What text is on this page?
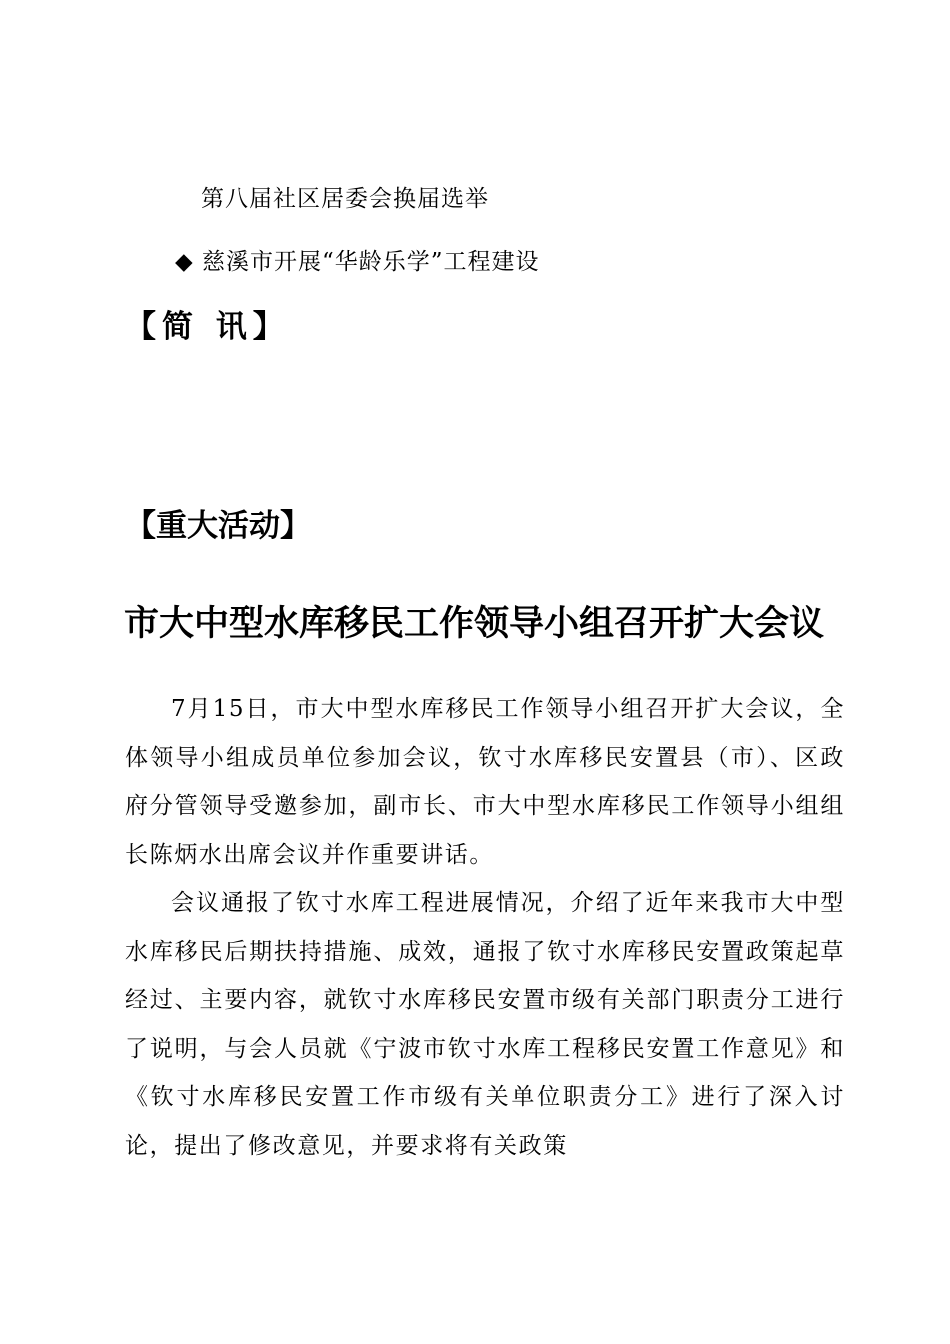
第八届社区居委会换届选举
◆ 慈溪市开展“华龄乐学”工程建设
【简 讯】
【重大活动】
市大中型水库移民工作领导小组召开扩大会议

7月15日，市大中型水库移民工作领导小组召开扩大会议，全体领导小组成员单位参加会议，钦寸水库移民安置县（市）、区政府分管领导受邀参加，副市长、市大中型水库移民工作领导小组组长陈炳水出席会议并作重要讲话。

会议通报了钦寸水库工程进展情况，介绍了近年来我市大中型水库移民后期扶持措施、成效，通报了钦寸水库移民安置政策起草经过、主要内容，就钦寸水库移民安置市级有关部门职责分工进行了说明，与会人员就《宁波市钦寸水库工程移民安置工作意见》和《钦寸水库移民安置工作市级有关单位职责分工》进行了深入讨论，提出了修改意见，并要求将有关政策
